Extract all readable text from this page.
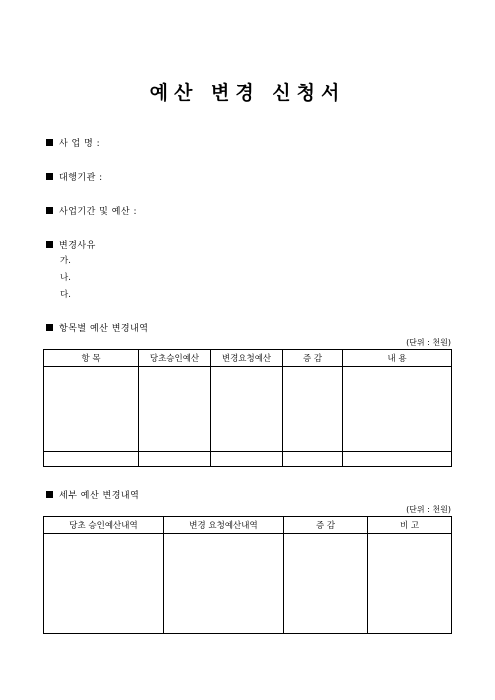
예산 변경 신청서
사 업 명 :
대행기관 :
사업기간 및 예산 :
변경사유
가.
나.
다.
항목별 예산 변경내역
(단위 : 천원)
항 목	당초승인예산	변경요청예산	증 감	내 용

세부 예산 변경내역
(단위 : 천원)
당초 승인예산내역	변경 요청예산내역	증 감	비 고
